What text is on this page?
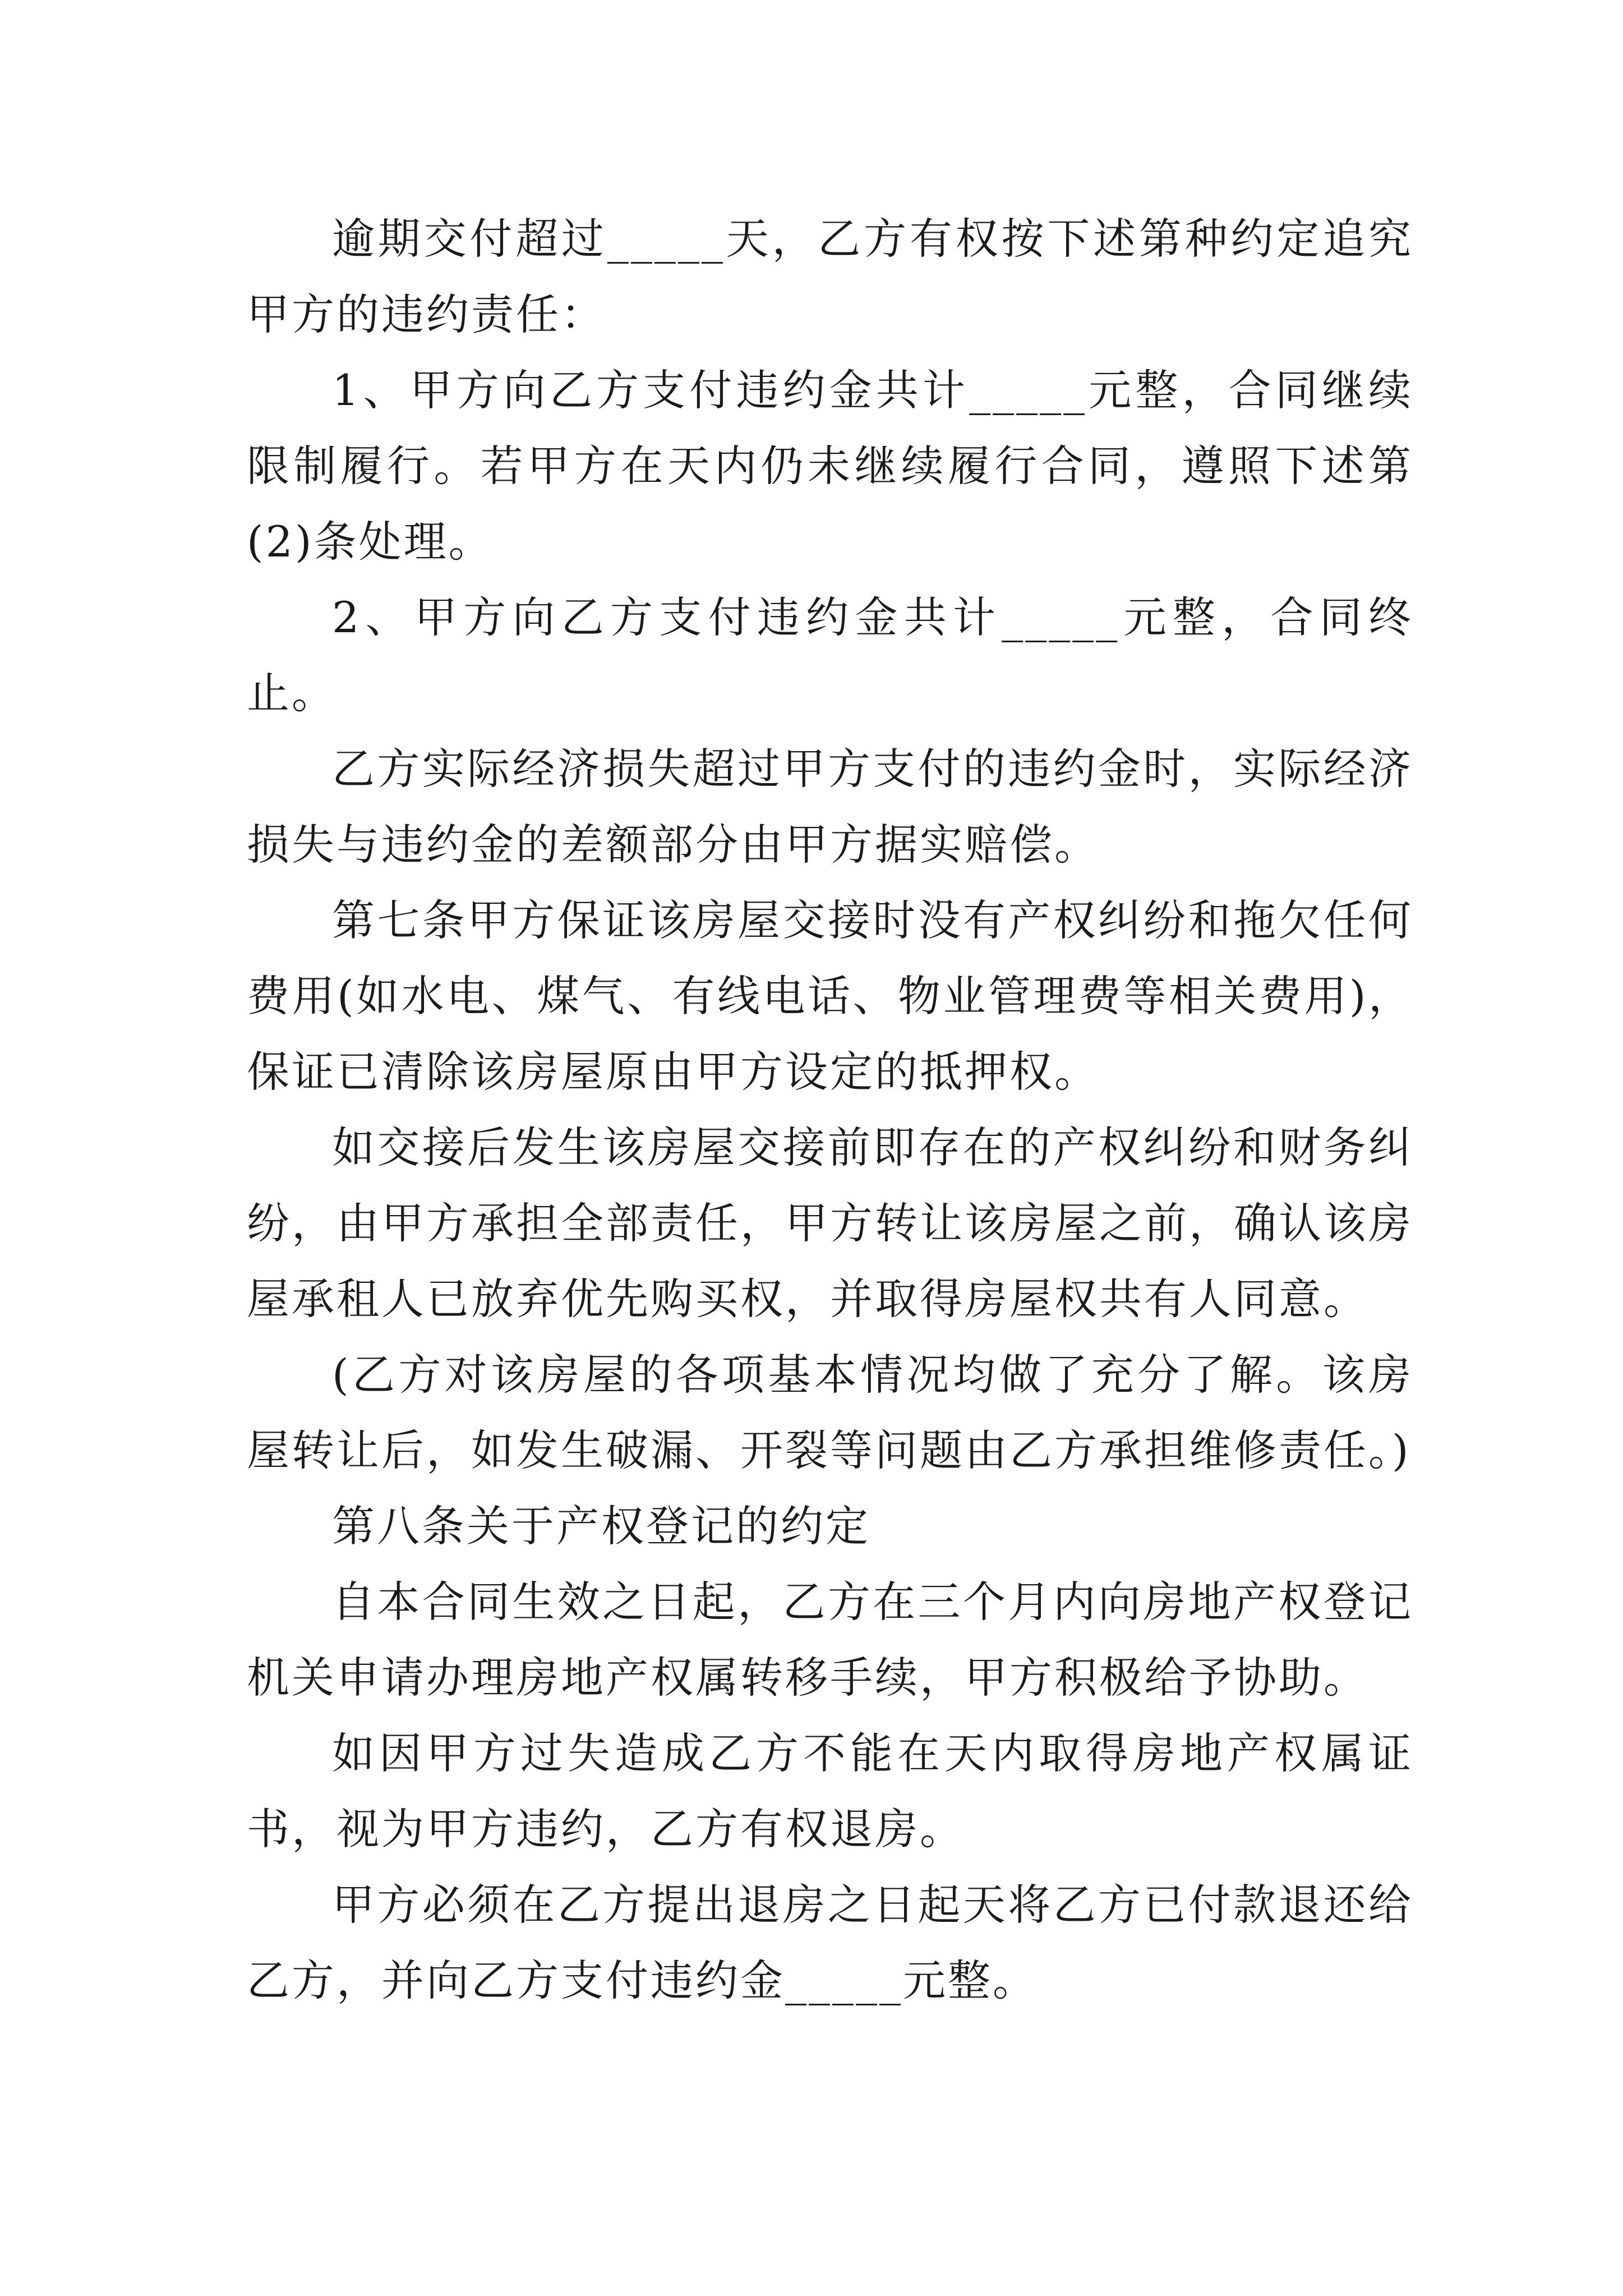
逾期交付超过_____天，乙方有权按下述第种约定追究甲方的违约责任：

1、甲方向乙方支付违约金共计_____元整，合同继续限制履行。若甲方在天内仍未继续履行合同，遵照下述第(2)条处理。

2、甲方向乙方支付违约金共计_____元整，合同终止。

乙方实际经济损失超过甲方支付的违约金时，实际经济损失与违约金的差额部分由甲方据实赔偿。

第七条甲方保证该房屋交接时没有产权纠纷和拖欠任何费用(如水电、煤气、有线电话、物业管理费等相关费用)，保证已清除该房屋原由甲方设定的抵押权。

如交接后发生该房屋交接前即存在的产权纠纷和财务纠纷，由甲方承担全部责任，甲方转让该房屋之前，确认该房屋承租人已放弃优先购买权，并取得房屋权共有人同意。

(乙方对该房屋的各项基本情况均做了充分了解。该房屋转让后，如发生破漏、开裂等问题由乙方承担维修责任。)

第八条关于产权登记的约定

自本合同生效之日起，乙方在三个月内向房地产权登记机关申请办理房地产权属转移手续，甲方积极给予协助。

如因甲方过失造成乙方不能在天内取得房地产权属证书，视为甲方违约，乙方有权退房。

甲方必须在乙方提出退房之日起天将乙方已付款退还给乙方，并向乙方支付违约金_____元整。
